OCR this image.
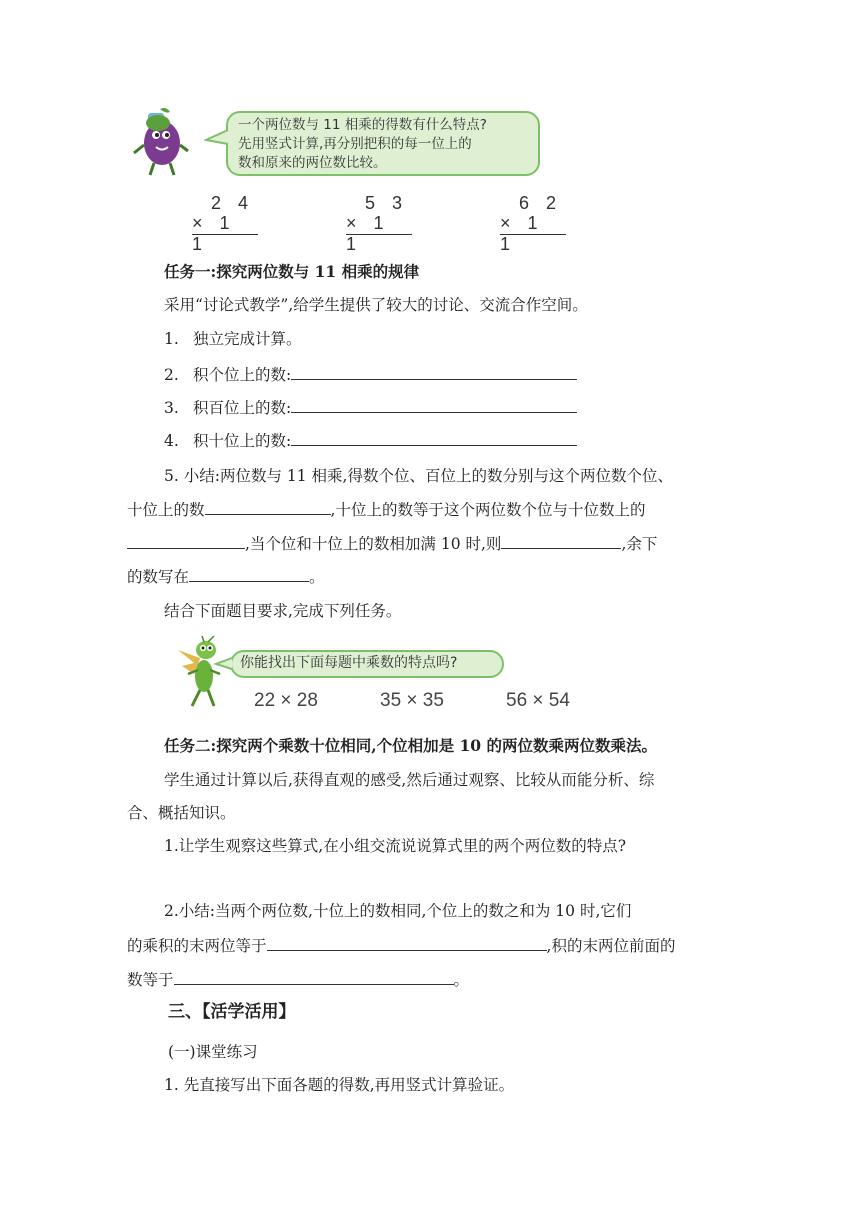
一个两位数与 11 相乘的得数有什么特点?
先用竖式计算,再分别把积的每一位上的
数和原来的两位数比较。
2 4
× 1 1
5 3
× 1 1
6 2
× 1 1
任务一:探究两位数与 11 相乘的规律
采用“讨论式教学”,给学生提供了较大的讨论、交流合作空间。
1. 独立完成计算。
2. 积个位上的数:
3. 积百位上的数:
4. 积十位上的数:
5. 小结:两位数与 11 相乘,得数个位、百位上的数分别与这个两位数个位、
十位上的数	,十位上的数等于这个两位数个位与十位数上的
,当个位和十位上的数相加满 10 时,则	,余下
的数写在	。
结合下面题目要求,完成下列任务。
你能找出下面每题中乘数的特点吗?
22 × 28	35 × 35	56 × 54
任务二:探究两个乘数十位相同,个位相加是 10 的两位数乘两位数乘法。
学生通过计算以后,获得直观的感受,然后通过观察、比较从而能分析、综
合、概括知识。
1.让学生观察这些算式,在小组交流说说算式里的两个两位数的特点?
2.小结:当两个两位数,十位上的数相同,个位上的数之和为 10 时,它们
的乘积的末两位等于	,积的末两位前面的
数等于	。
三、【活学活用】
(一)课堂练习
1. 先直接写出下面各题的得数,再用竖式计算验证。
